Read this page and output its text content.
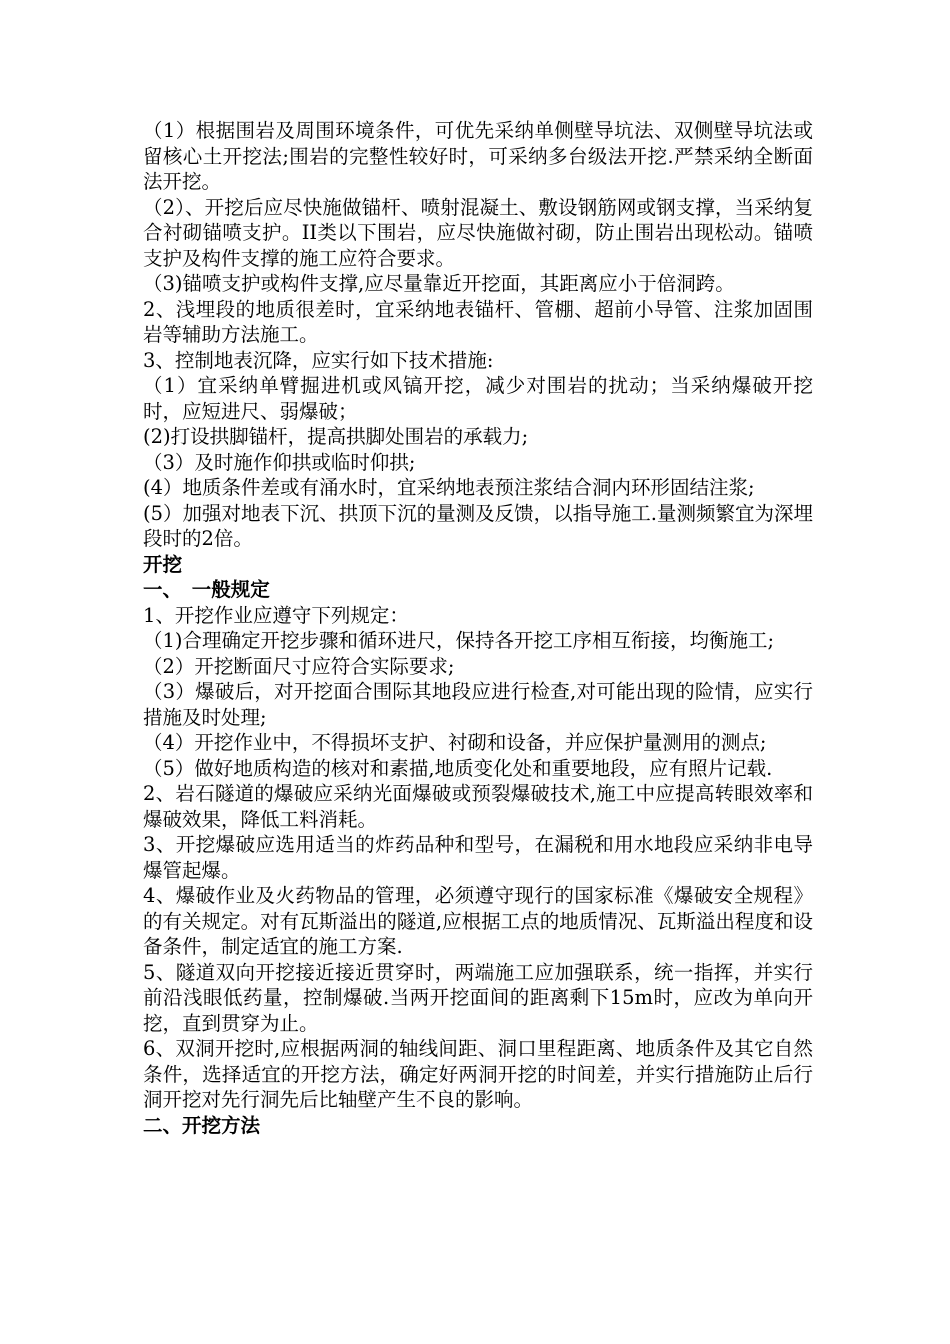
（1）根据围岩及周围环境条件，可优先采纳单侧壁导坑法、双侧壁导坑法或留核心土开挖法;围岩的完整性较好时，可采纳多台级法开挖.严禁采纳全断面法开挖。

（2）、开挖后应尽快施做锚杆、喷射混凝土、敷设钢筋网或钢支撑，当采纳复合衬砌锚喷支护。II类以下围岩，应尽快施做衬砌，防止围岩出现松动。锚喷支护及构件支撑的施工应符合要求。

（3)锚喷支护或构件支撑,应尽量靠近开挖面，其距离应小于倍洞跨。

2、浅埋段的地质很差时，宜采纳地表锚杆、管棚、超前小导管、注浆加固围岩等辅助方法施工。

3、控制地表沉降，应实行如下技术措施:

（1）宜采纳单臂掘进机或风镐开挖，减少对围岩的扰动；当采纳爆破开挖时，应短进尺、弱爆破；

(2)打设拱脚锚杆，提高拱脚处围岩的承载力;

（3）及时施作仰拱或临时仰拱;

(4）地质条件差或有涌水时，宜采纳地表预注浆结合洞内环形固结注浆;

(5）加强对地表下沉、拱顶下沉的量测及反馈，以指导施工.量测频繁宜为深埋段时的2倍。

开挖

一、　一般规定

1、开挖作业应遵守下列规定：

（1)合理确定开挖步骤和循环进尺，保持各开挖工序相互衔接，均衡施工;

（2）开挖断面尺寸应符合实际要求;

（3）爆破后，对开挖面合围际其地段应进行检查,对可能出现的险情，应实行措施及时处理;

（4）开挖作业中，不得损坏支护、衬砌和设备，并应保护量测用的测点;

（5）做好地质构造的核对和素描,地质变化处和重要地段，应有照片记载.

2、岩石隧道的爆破应采纳光面爆破或预裂爆破技术,施工中应提高转眼效率和爆破效果，降低工料消耗。

3、开挖爆破应选用适当的炸药品种和型号，在漏税和用水地段应采纳非电导爆管起爆。

4、爆破作业及火药物品的管理，必须遵守现行的国家标准《爆破安全规程》的有关规定。对有瓦斯溢出的隧道,应根据工点的地质情况、瓦斯溢出程度和设备条件，制定适宜的施工方案.

5、隧道双向开挖接近接近贯穿时，两端施工应加强联系，统一指挥，并实行前沿浅眼低药量，控制爆破.当两开挖面间的距离剩下15m时，应改为单向开挖，直到贯穿为止。

6、双洞开挖时,应根据两洞的轴线间距、洞口里程距离、地质条件及其它自然条件，选择适宜的开挖方法，确定好两洞开挖的时间差，并实行措施防止后行洞开挖对先行洞先后比轴壁产生不良的影响。

二、开挖方法
